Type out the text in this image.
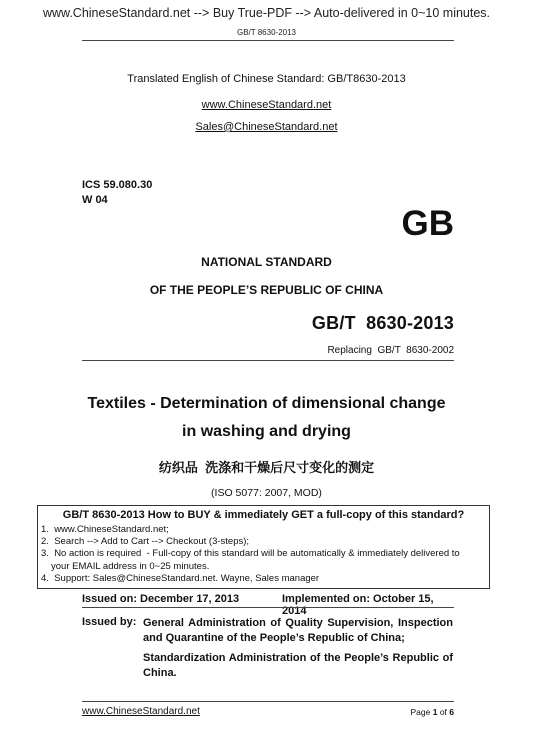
www.ChineseStandard.net --> Buy True-PDF --> Auto-delivered in 0~10 minutes.
GB/T 8630-2013
Translated English of Chinese Standard: GB/T8630-2013
www.ChineseStandard.net
Sales@ChineseStandard.net
ICS 59.080.30
W 04
GB
NATIONAL STANDARD
OF THE PEOPLE’S REPUBLIC OF CHINA
GB/T  8630-2013
Replacing  GB/T  8630-2002
Textiles - Determination of dimensional change
in washing and drying
纺织品  洗涤和干燥后尺寸变化的测定
(ISO 5077: 2007, MOD)
GB/T 8630-2013 How to BUY & immediately GET a full-copy of this standard?
1.  www.ChineseStandard.net;
2.  Search --> Add to Cart --> Checkout (3-steps);
3.  No action is required  - Full-copy of this standard will be automatically & immediately delivered to
your EMAIL address in 0~25 minutes.
4.  Support: Sales@ChineseStandard.net. Wayne, Sales manager
Issued on: December 17, 2013	Implemented on: October 15, 2014
Issued by: General Administration of Quality Supervision, Inspection and Quarantine of the People’s Republic of China;
Standardization Administration of the People’s Republic of China.
www.ChineseStandard.net	Page 1 of 6
